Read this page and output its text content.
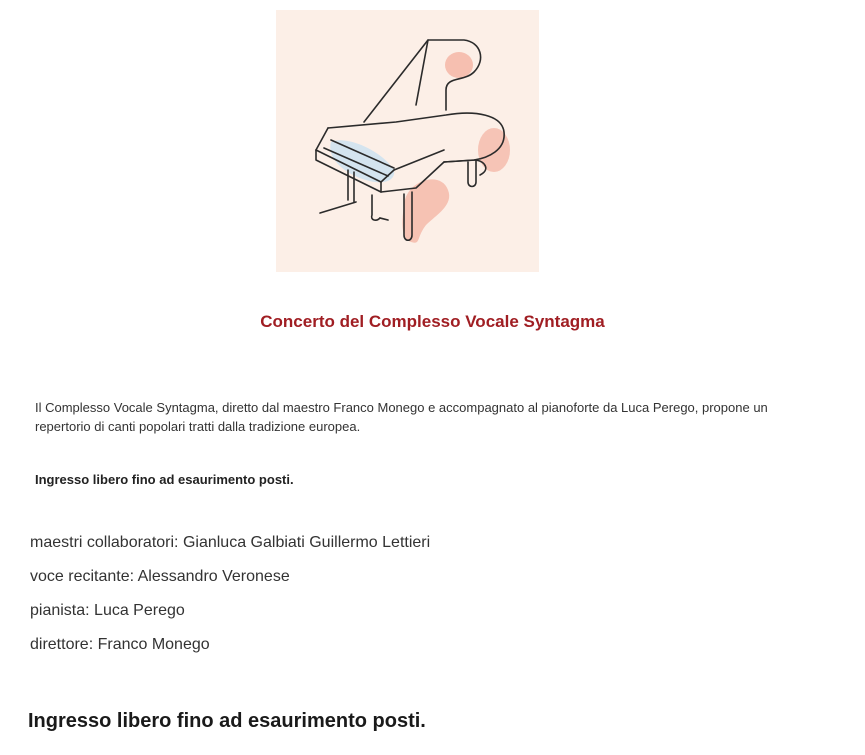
Concerto del Complesso Vocale Syntagma

Il Complesso Vocale Syntagma, diretto dal maestro Franco Monego e accompagnato al pianoforte da Luca Perego, propone un repertorio di canti popolari tratti dalla tradizione europea.

Ingresso libero fino ad esaurimento posti.

maestri collaboratori: Gianluca Galbiati Guillermo Lettieri

voce recitante: Alessandro Veronese

pianista: Luca Perego

direttore: Franco Monego

Ingresso libero fino ad esaurimento posti.
